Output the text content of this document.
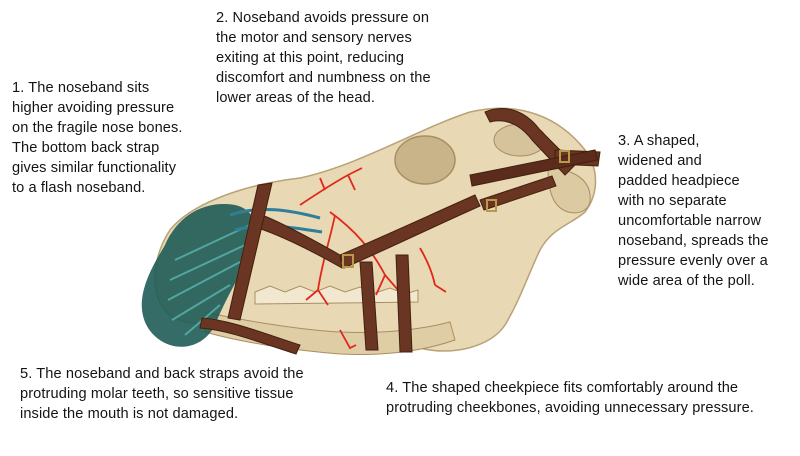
1. The noseband sits
higher avoiding pressure
on the fragile nose bones.
The bottom back strap
gives similar functionality
to a flash noseband.
2. Noseband avoids pressure on
the motor and sensory nerves
exiting at this point, reducing
discomfort and numbness on the
lower areas of the head.
3. A shaped,
widened and
padded headpiece
with no separate
uncomfortable narrow
noseband, spreads the
pressure evenly over a
wide area of the poll.
4. The shaped cheekpiece fits comfortably around the
protruding cheekbones, avoiding unnecessary pressure.
5. The noseband and back straps avoid the
protruding molar teeth, so sensitive tissue
inside the mouth is not damaged.
